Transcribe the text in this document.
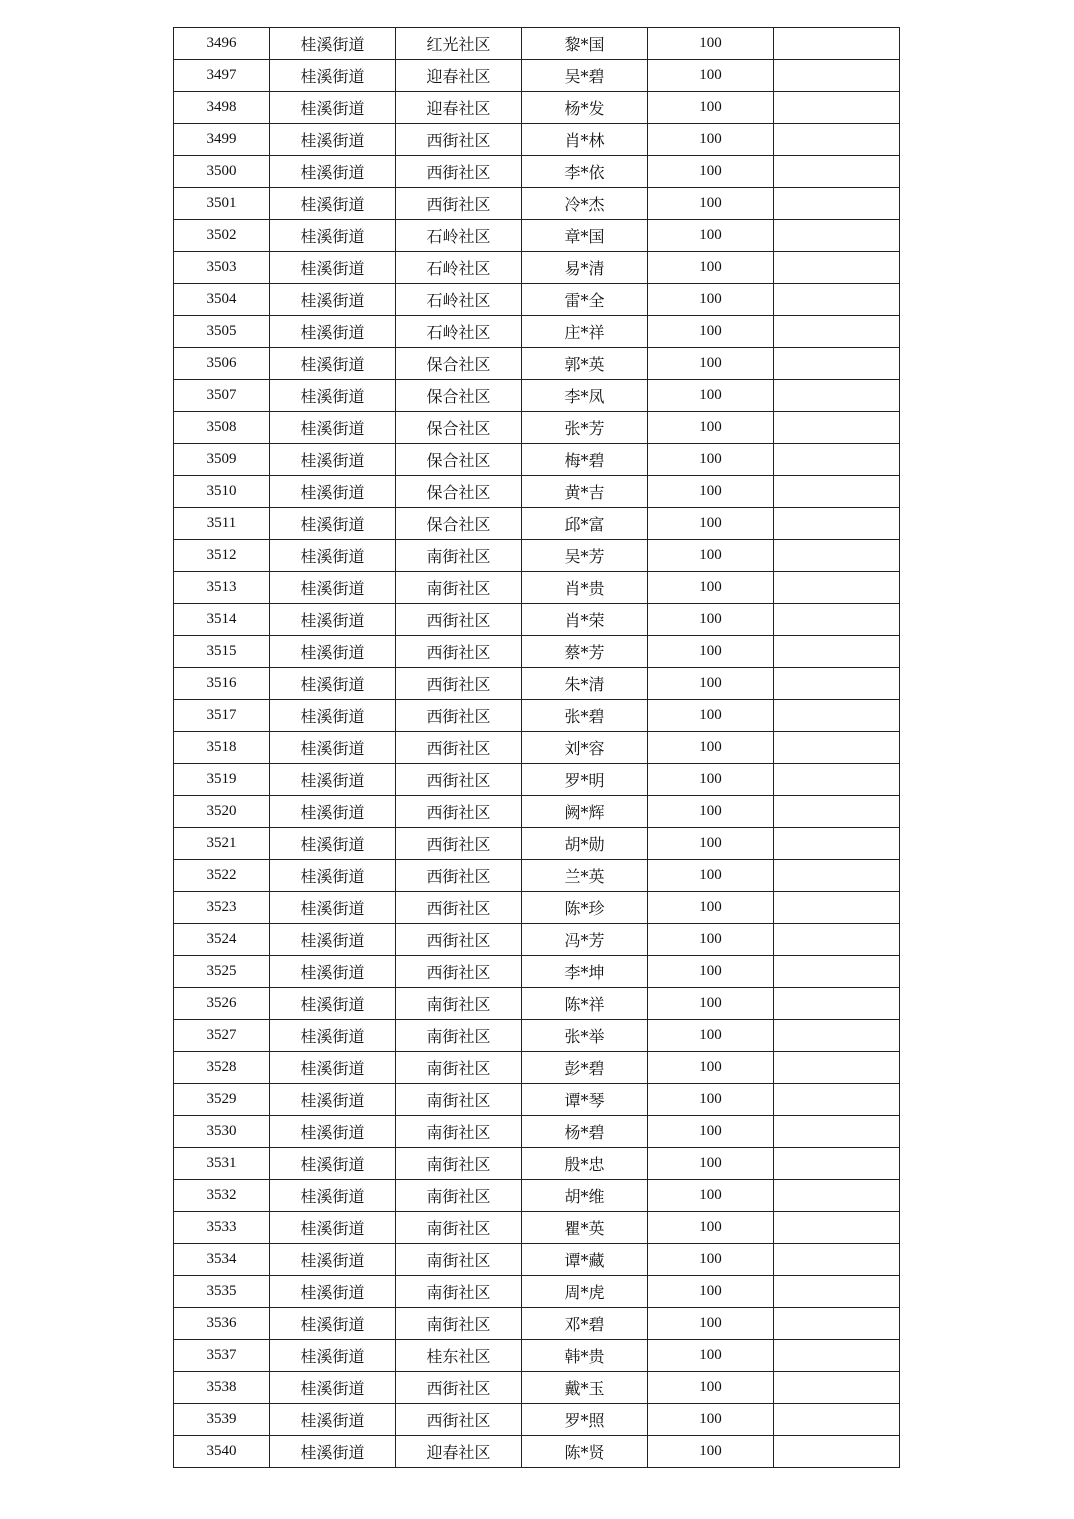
3496	桂溪街道	红光社区	黎*国	100	
3497	桂溪街道	迎春社区	吴*碧	100	
3498	桂溪街道	迎春社区	杨*发	100	
3499	桂溪街道	西街社区	肖*林	100	
3500	桂溪街道	西街社区	李*依	100	
3501	桂溪街道	西街社区	冷*杰	100	
3502	桂溪街道	石岭社区	章*国	100	
3503	桂溪街道	石岭社区	易*清	100	
3504	桂溪街道	石岭社区	雷*全	100	
3505	桂溪街道	石岭社区	庄*祥	100	
3506	桂溪街道	保合社区	郭*英	100	
3507	桂溪街道	保合社区	李*凤	100	
3508	桂溪街道	保合社区	张*芳	100	
3509	桂溪街道	保合社区	梅*碧	100	
3510	桂溪街道	保合社区	黄*吉	100	
3511	桂溪街道	保合社区	邱*富	100	
3512	桂溪街道	南街社区	吴*芳	100	
3513	桂溪街道	南街社区	肖*贵	100	
3514	桂溪街道	西街社区	肖*荣	100	
3515	桂溪街道	西街社区	蔡*芳	100	
3516	桂溪街道	西街社区	朱*清	100	
3517	桂溪街道	西街社区	张*碧	100	
3518	桂溪街道	西街社区	刘*容	100	
3519	桂溪街道	西街社区	罗*明	100	
3520	桂溪街道	西街社区	阙*辉	100	
3521	桂溪街道	西街社区	胡*勋	100	
3522	桂溪街道	西街社区	兰*英	100	
3523	桂溪街道	西街社区	陈*珍	100	
3524	桂溪街道	西街社区	冯*芳	100	
3525	桂溪街道	西街社区	李*坤	100	
3526	桂溪街道	南街社区	陈*祥	100	
3527	桂溪街道	南街社区	张*举	100	
3528	桂溪街道	南街社区	彭*碧	100	
3529	桂溪街道	南街社区	谭*琴	100	
3530	桂溪街道	南街社区	杨*碧	100	
3531	桂溪街道	南街社区	殷*忠	100	
3532	桂溪街道	南街社区	胡*维	100	
3533	桂溪街道	南街社区	瞿*英	100	
3534	桂溪街道	南街社区	谭*藏	100	
3535	桂溪街道	南街社区	周*虎	100	
3536	桂溪街道	南街社区	邓*碧	100	
3537	桂溪街道	桂东社区	韩*贵	100	
3538	桂溪街道	西街社区	戴*玉	100	
3539	桂溪街道	西街社区	罗*照	100	
3540	桂溪街道	迎春社区	陈*贤	100	
